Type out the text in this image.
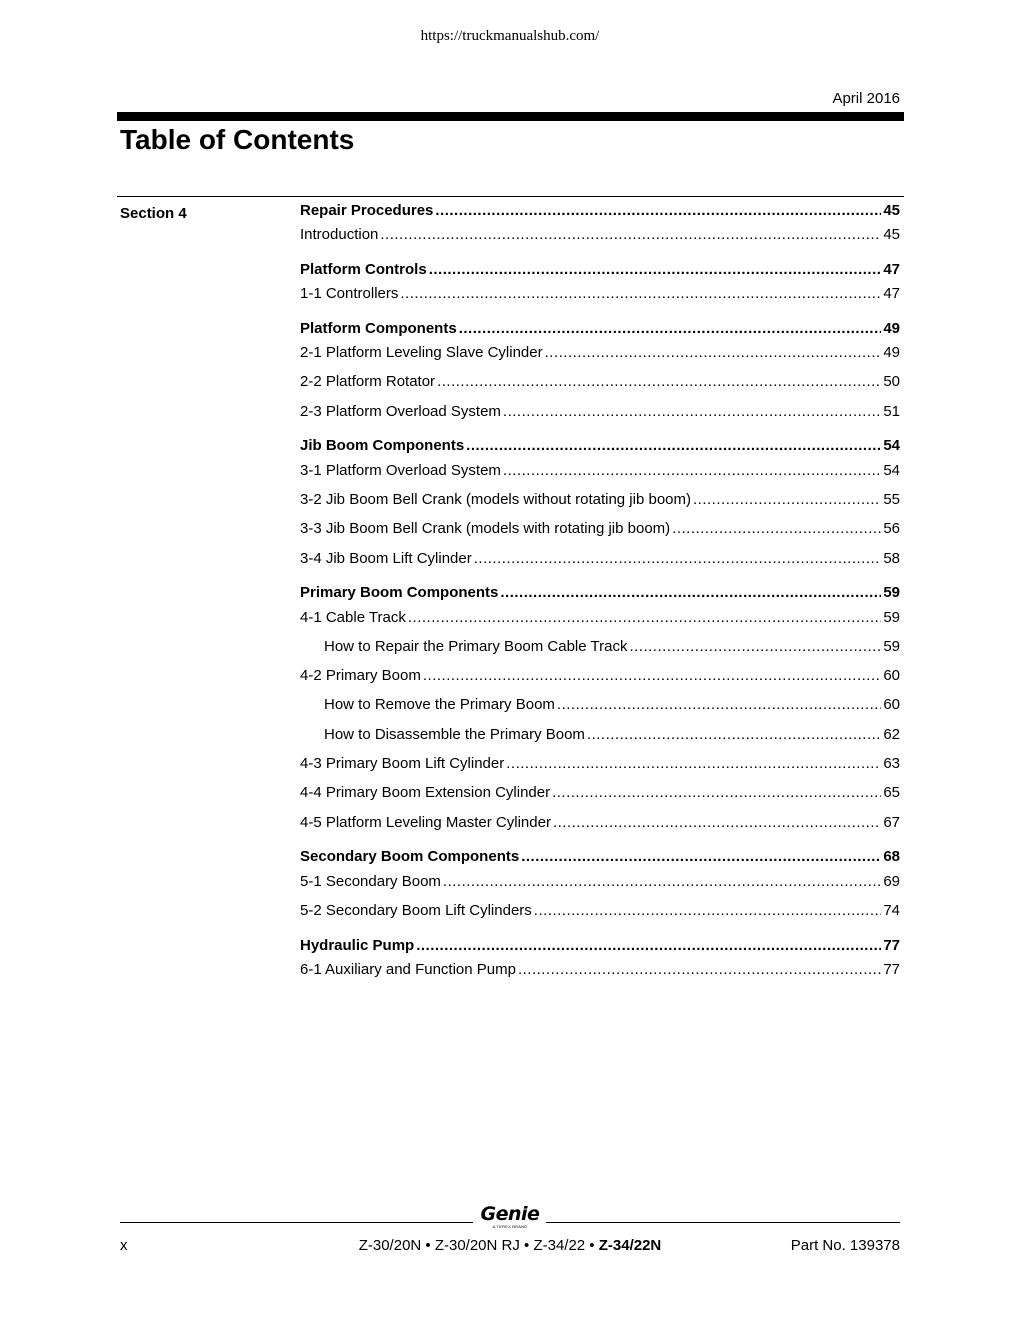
https://truckmanualshub.com/
April 2016
Table of Contents
Section 4	Repair Procedures .....	45
Introduction .....	45
Platform Controls .....	47
1-1 Controllers .....	47
Platform Components .....	49
2-1 Platform Leveling Slave Cylinder .....	49
2-2 Platform Rotator .....	50
2-3 Platform Overload System .....	51
Jib Boom Components .....	54
3-1 Platform Overload System .....	54
3-2 Jib Boom Bell Crank (models without rotating jib boom) .....	55
3-3 Jib Boom Bell Crank (models with rotating jib boom) .....	56
3-4 Jib Boom Lift Cylinder .....	58
Primary Boom Components .....	59
4-1 Cable Track .....	59
How to Repair the Primary Boom Cable Track .....	59
4-2 Primary Boom .....	60
How to Remove the Primary Boom .....	60
How to Disassemble the Primary Boom .....	62
4-3 Primary Boom Lift Cylinder .....	63
4-4 Primary Boom Extension Cylinder .....	65
4-5 Platform Leveling Master Cylinder .....	67
Secondary Boom Components .....	68
5-1 Secondary Boom .....	69
5-2 Secondary Boom Lift Cylinders .....	74
Hydraulic Pump .....	77
6-1 Auxiliary and Function Pump .....	77
Genie
A TEREX BRAND
x	Z-30/20N • Z-30/20N RJ • Z-34/22 • Z-34/22N	Part No. 139378
